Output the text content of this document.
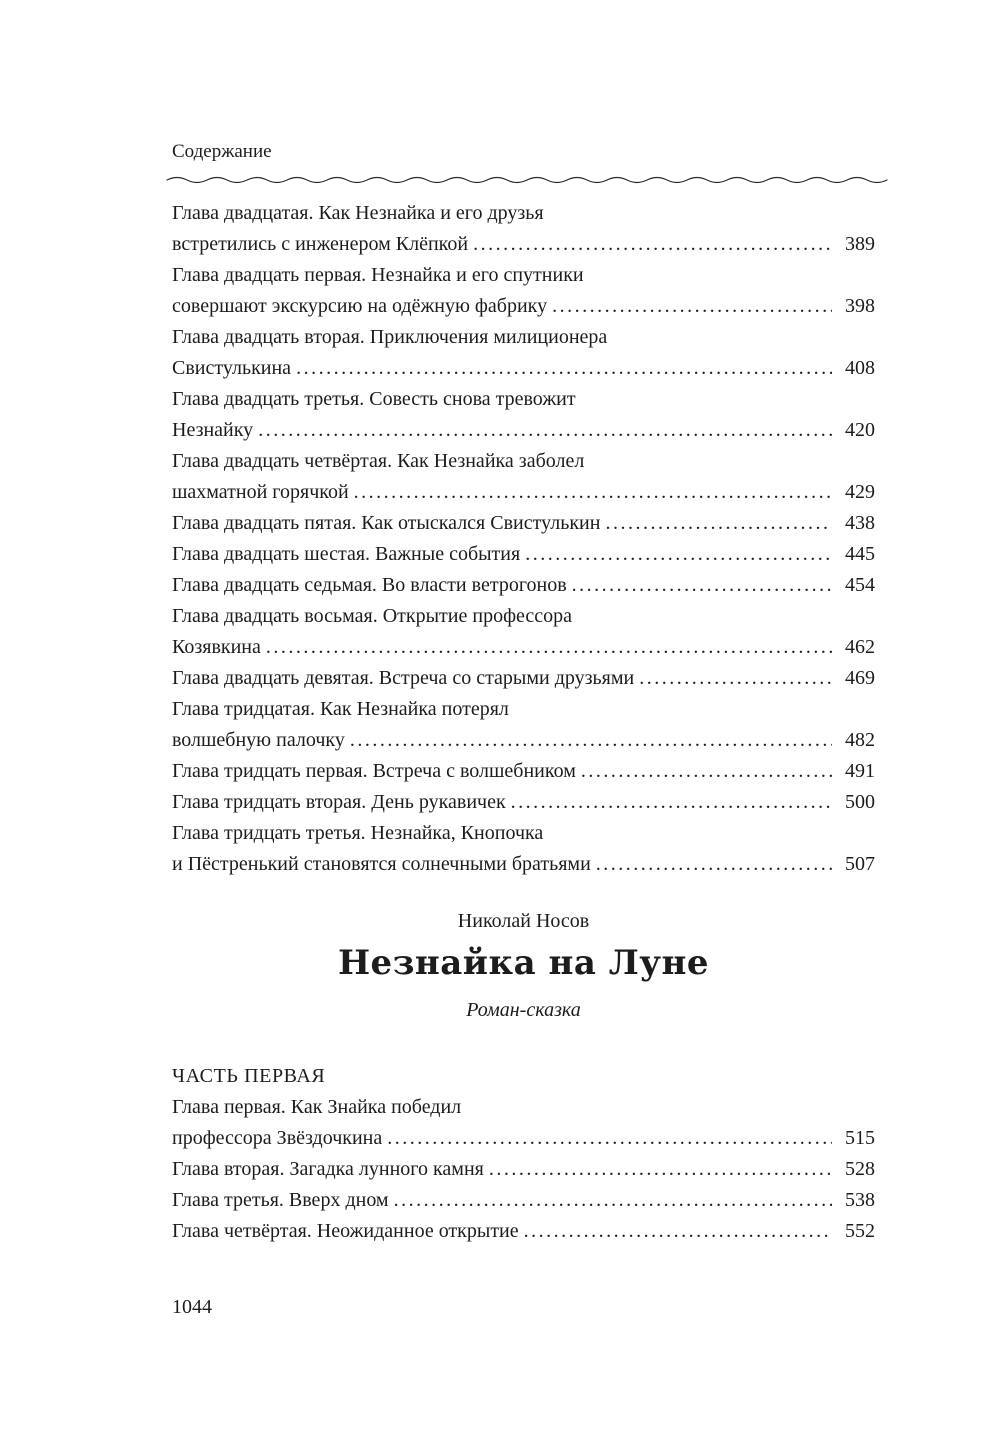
Содержание
Глава двадцатая. Как Незнайка и его друзья
встретились с инженером Клёпкой .....	389
Глава двадцать первая. Незнайка и его спутники
совершают экскурсию на одёжную фабрику .....	398
Глава двадцать вторая. Приключения милиционера
Свистулькина .....	408
Глава двадцать третья. Совесть снова тревожит
Незнайку .....	420
Глава двадцать четвёртая. Как Незнайка заболел
шахматной горячкой .....	429
Глава двадцать пятая. Как отыскался Свистулькин .....	438
Глава двадцать шестая. Важные события .....	445
Глава двадцать седьмая. Во власти ветрогонов .....	454
Глава двадцать восьмая. Открытие профессора
Козявкина .....	462
Глава двадцать девятая. Встреча со старыми друзьями .....	469
Глава тридцатая. Как Незнайка потерял
волшебную палочку .....	482
Глава тридцать первая. Встреча с волшебником .....	491
Глава тридцать вторая. День рукавичек .....	500
Глава тридцать третья. Незнайка, Кнопочка
и Пёстренький становятся солнечными братьями .....	507
Николай Носов
Незнайка на Луне
Роман-сказка
ЧАСТЬ ПЕРВАЯ
Глава первая. Как Знайка победил
профессора Звёздочкина .....	515
Глава вторая. Загадка лунного камня .....	528
Глава третья. Вверх дном .....	538
Глава четвёртая. Неожиданное открытие .....	552
1044
